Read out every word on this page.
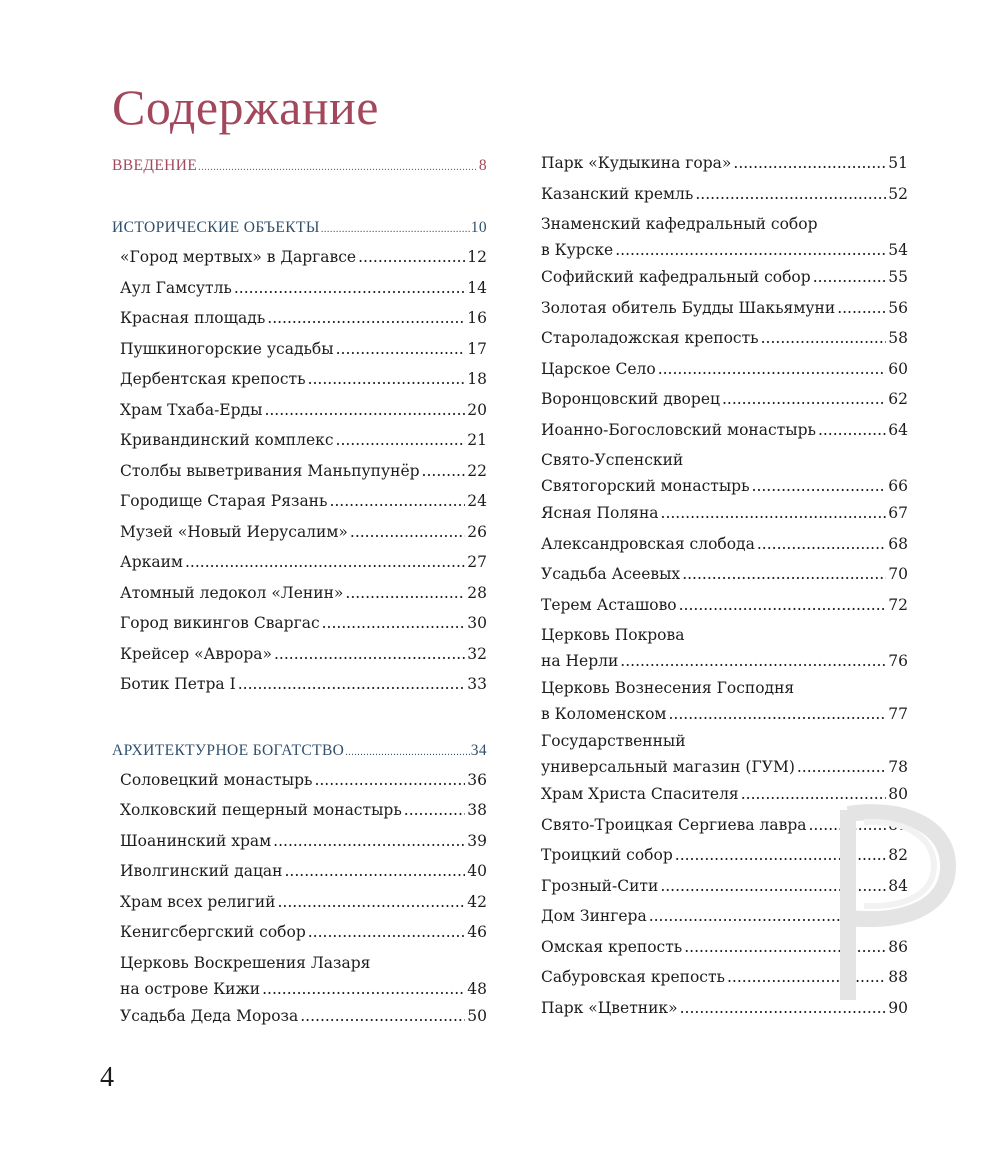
Содержание
ВВЕДЕНИЕ .....	8
ИСТОРИЧЕСКИЕ ОБЪЕКТЫ .....	10
«Город мертвых» в Даргавсе .....	12
Аул Гамсутль .....	14
Красная площадь .....	16
Пушкиногорские усадьбы .....	17
Дербентская крепость .....	18
Храм Тхаба-Ерды .....	20
Кривандинский комплекс .....	21
Столбы выветривания Маньпупунёр .....	22
Городище Старая Рязань .....	24
Музей «Новый Иерусалим» .....	26
Аркаим .....	27
Атомный ледокол «Ленин» .....	28
Город викингов Сваргас .....	30
Крейсер «Аврора» .....	32
Ботик Петра I .....	33
АРХИТЕКТУРНОЕ БОГАТСТВО .....	34
Соловецкий монастырь .....	36
Холковский пещерный монастырь .....	38
Шоанинский храм .....	39
Иволгинский дацан .....	40
Храм всех религий .....	42
Кенигсбергский собор .....	46
Церковь Воскрешения Лазаря
на острове Кижи .....	48
Усадьба Деда Мороза .....	50
Парк «Кудыкина гора» .....	51
Казанский кремль .....	52
Знаменский кафедральный собор
в Курске .....	54
Софийский кафедральный собор .....	55
Золотая обитель Будды Шакьямуни .....	56
Староладожская крепость .....	58
Царское Село .....	60
Воронцовский дворец .....	62
Иоанно-Богословский монастырь .....	64
Свято-Успенский
Святогорский монастырь .....	66
Ясная Поляна .....	67
Александровская слобода .....	68
Усадьба Асеевых .....	70
Терем Асташово .....	72
Церковь Покрова
на Нерли .....	76
Церковь Вознесения Господня
в Коломенском .....	77
Государственный
универсальный магазин (ГУМ) .....	78
Храм Христа Спасителя .....	80
Свято-Троицкая Сергиева лавра .....	81
Троицкий собор .....	82
Грозный-Сити .....	84
Дом Зингера .....	85
Омская крепость .....	86
Сабуровская крепость .....	88
Парк «Цветник» .....	90
4
